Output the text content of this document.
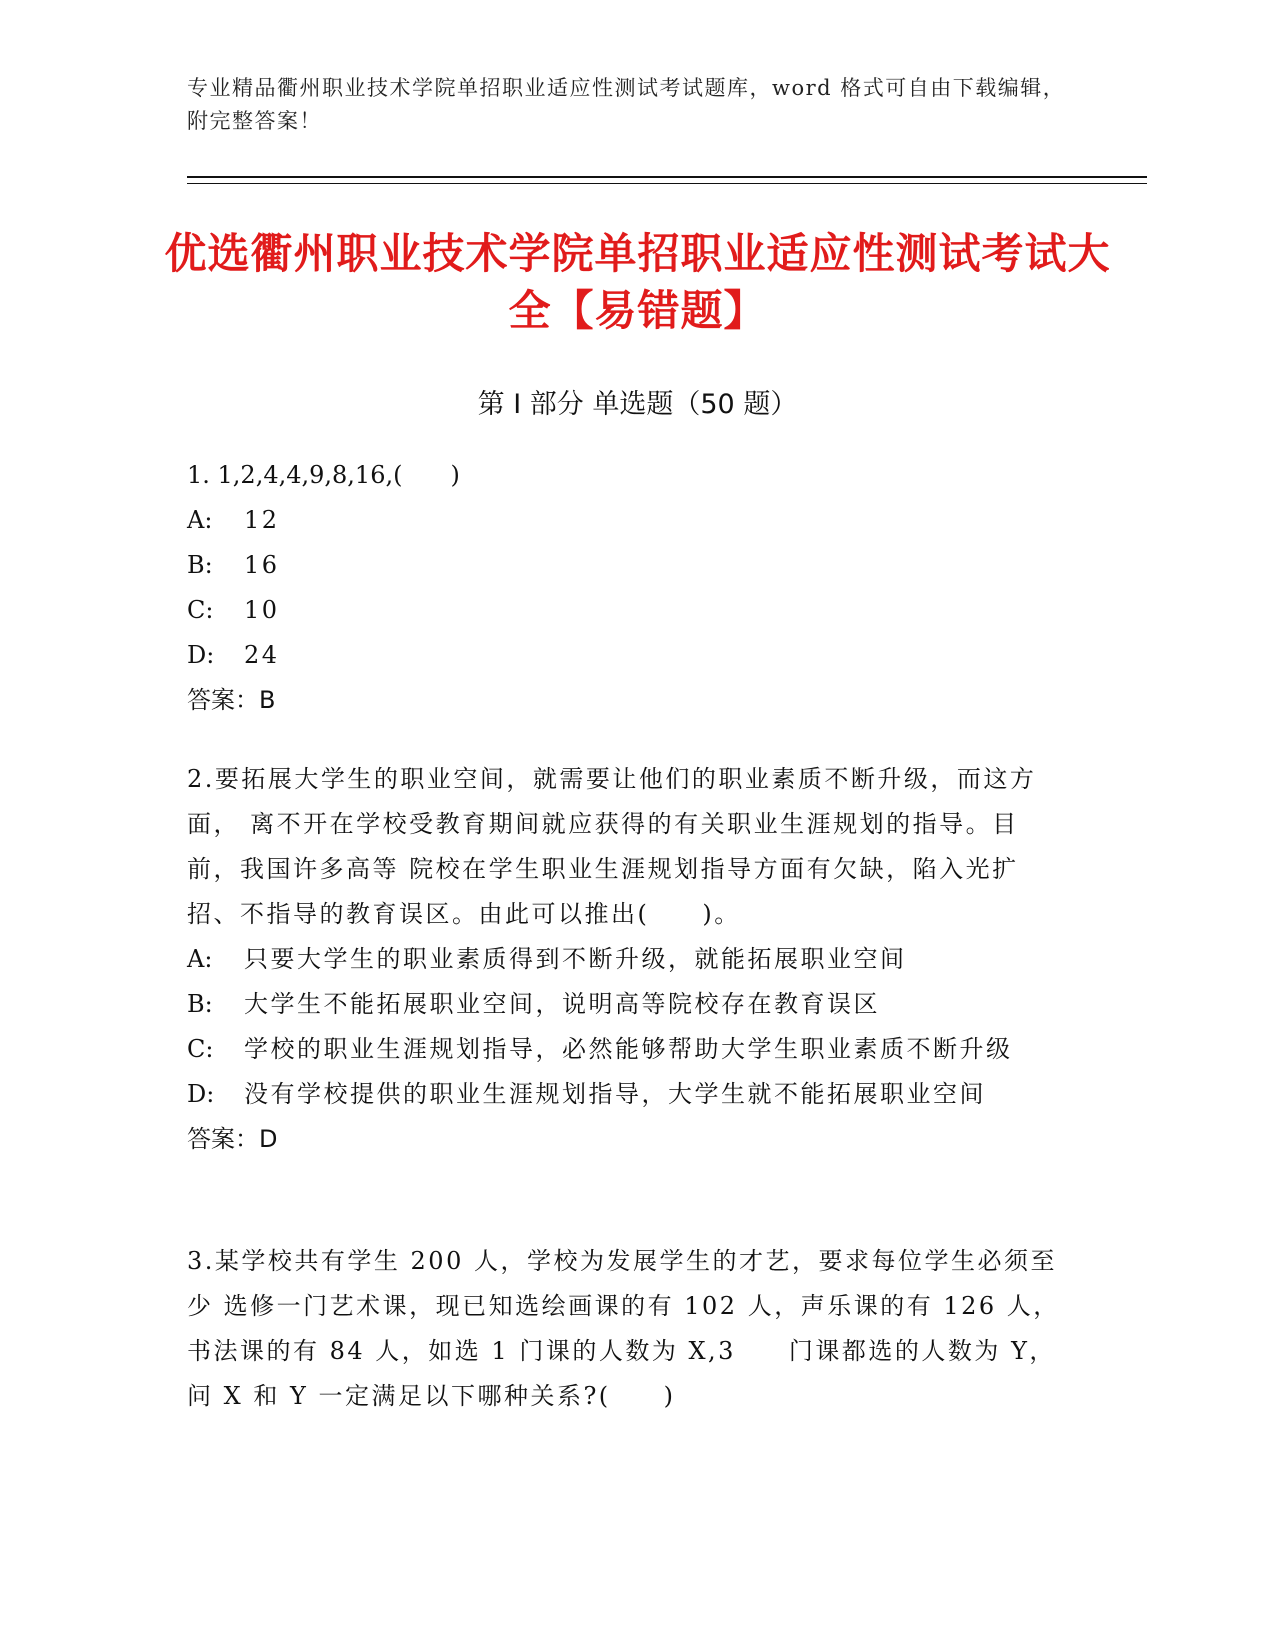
专业精品衢州职业技术学院单招职业适应性测试考试题库，word 格式可自由下载编辑，附完整答案！
优选衢州职业技术学院单招职业适应性测试考试大全【易错题】
第 I 部分 单选题（50 题）
1. 1,2,4,4,9,8,16,(　　)
A:	12
B:	16
C:	10
D:	24
答案：B
2.要拓展大学生的职业空间，就需要让他们的职业素质不断升级，而这方面， 离不开在学校受教育期间就应获得的有关职业生涯规划的指导。目前，我国许多高等 院校在学生职业生涯规划指导方面有欠缺，陷入光扩招、不指导的教育误区。由此可以推出(　　)。
A:	只要大学生的职业素质得到不断升级，就能拓展职业空间
B:	大学生不能拓展职业空间，说明高等院校存在教育误区
C:	学校的职业生涯规划指导，必然能够帮助大学生职业素质不断升级
D:	没有学校提供的职业生涯规划指导，大学生就不能拓展职业空间
答案：D
3.某学校共有学生 200 人，学校为发展学生的才艺，要求每位学生必须至少 选修一门艺术课，现已知选绘画课的有 102 人，声乐课的有 126 人，书法课的有 84 人，如选 1 门课的人数为 X,3　　门课都选的人数为 Y， 问 X 和 Y 一定满足以下哪种关系?(　　)
